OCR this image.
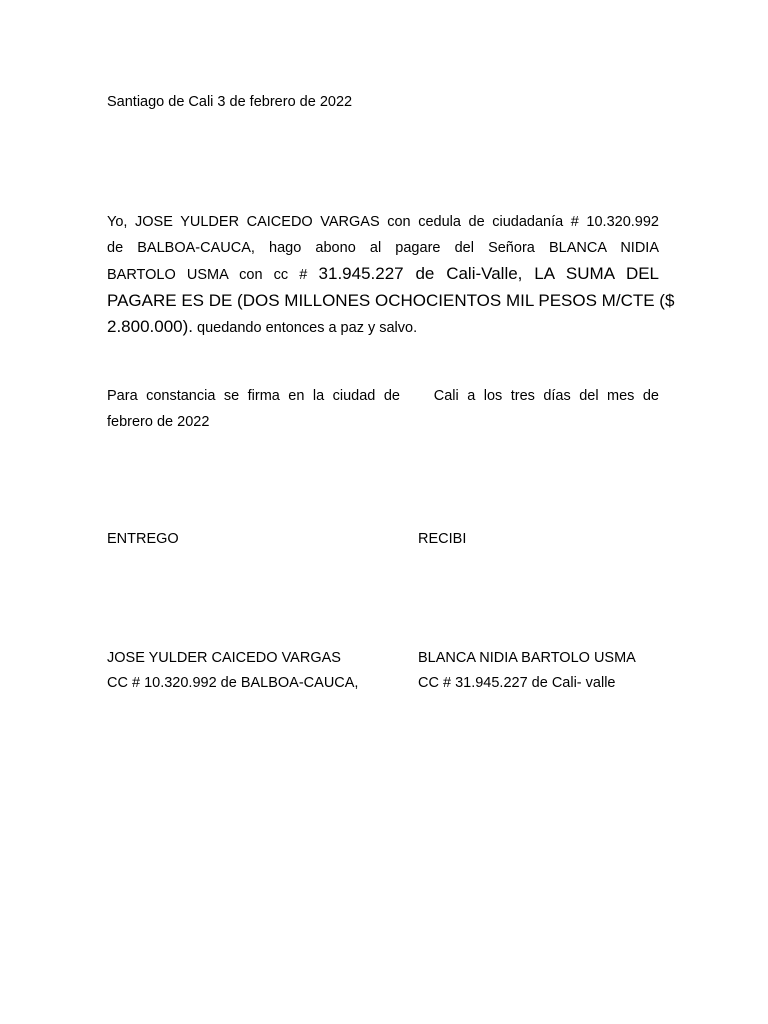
Santiago de Cali 3 de febrero de 2022
Yo, JOSE YULDER CAICEDO VARGAS con cedula de ciudadanía # 10.320.992
de BALBOA-CAUCA, hago abono al pagare del Señora BLANCA NIDIA
BARTOLO USMA con cc # 31.945.227 de Cali-Valle, LA SUMA DEL
PAGARE ES DE (DOS MILLONES OCHOCIENTOS MIL PESOS M/CTE ($
2.800.000). quedando entonces a paz y salvo.
Para constancia se firma en la ciudad de    Cali a los tres días del mes de
febrero de 2022
ENTREGO	RECIBI
JOSE YULDER CAICEDO VARGAS
CC # 10.320.992 de BALBOA-CAUCA,
BLANCA NIDIA BARTOLO USMA
CC # 31.945.227 de Cali- valle
